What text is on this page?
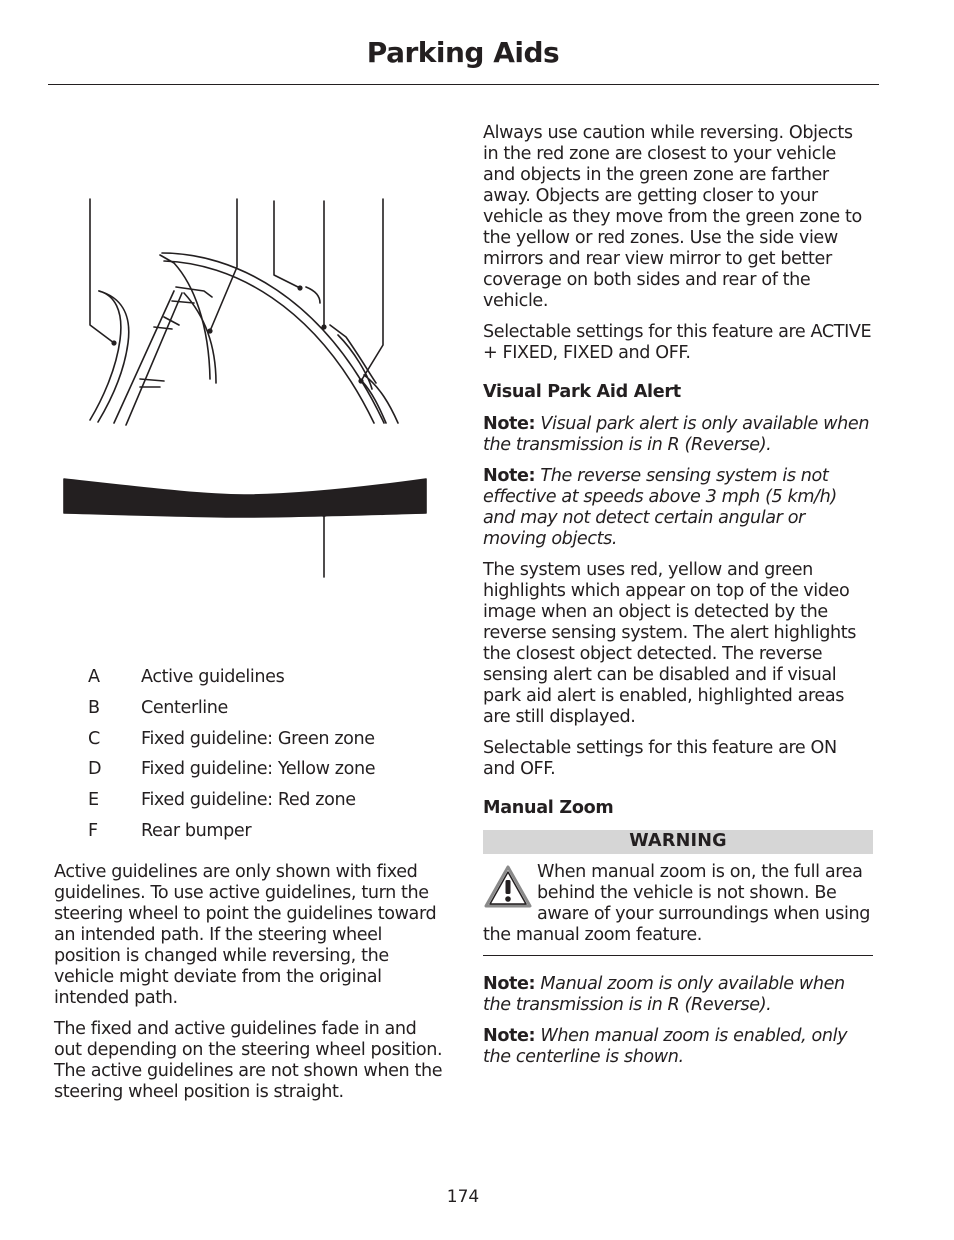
Parking Aids
A Active guidelines
B Centerline
C Fixed guideline: Green zone
D Fixed guideline: Yellow zone
E Fixed guideline: Red zone
F Rear bumper

Active guidelines are only shown with fixed guidelines. To use active guidelines, turn the steering wheel to point the guidelines toward an intended path. If the steering wheel position is changed while reversing, the vehicle might deviate from the original intended path.

The fixed and active guidelines fade in and out depending on the steering wheel position. The active guidelines are not shown when the steering wheel position is straight.

Always use caution while reversing. Objects in the red zone are closest to your vehicle and objects in the green zone are farther away. Objects are getting closer to your vehicle as they move from the green zone to the yellow or red zones. Use the side view mirrors and rear view mirror to get better coverage on both sides and rear of the vehicle.

Selectable settings for this feature are ACTIVE + FIXED, FIXED and OFF.

Visual Park Aid Alert

Note: Visual park alert is only available when the transmission is in R (Reverse).

Note: The reverse sensing system is not effective at speeds above 3 mph (5 km/h) and may not detect certain angular or moving objects.

The system uses red, yellow and green highlights which appear on top of the video image when an object is detected by the reverse sensing system. The alert highlights the closest object detected. The reverse sensing alert can be disabled and if visual park aid alert is enabled, highlighted areas are still displayed.

Selectable settings for this feature are ON and OFF.

Manual Zoom
WARNING
When manual zoom is on, the full area behind the vehicle is not shown. Be aware of your surroundings when using the manual zoom feature.

Note: Manual zoom is only available when the transmission is in R (Reverse).

Note: When manual zoom is enabled, only the centerline is shown.

174
